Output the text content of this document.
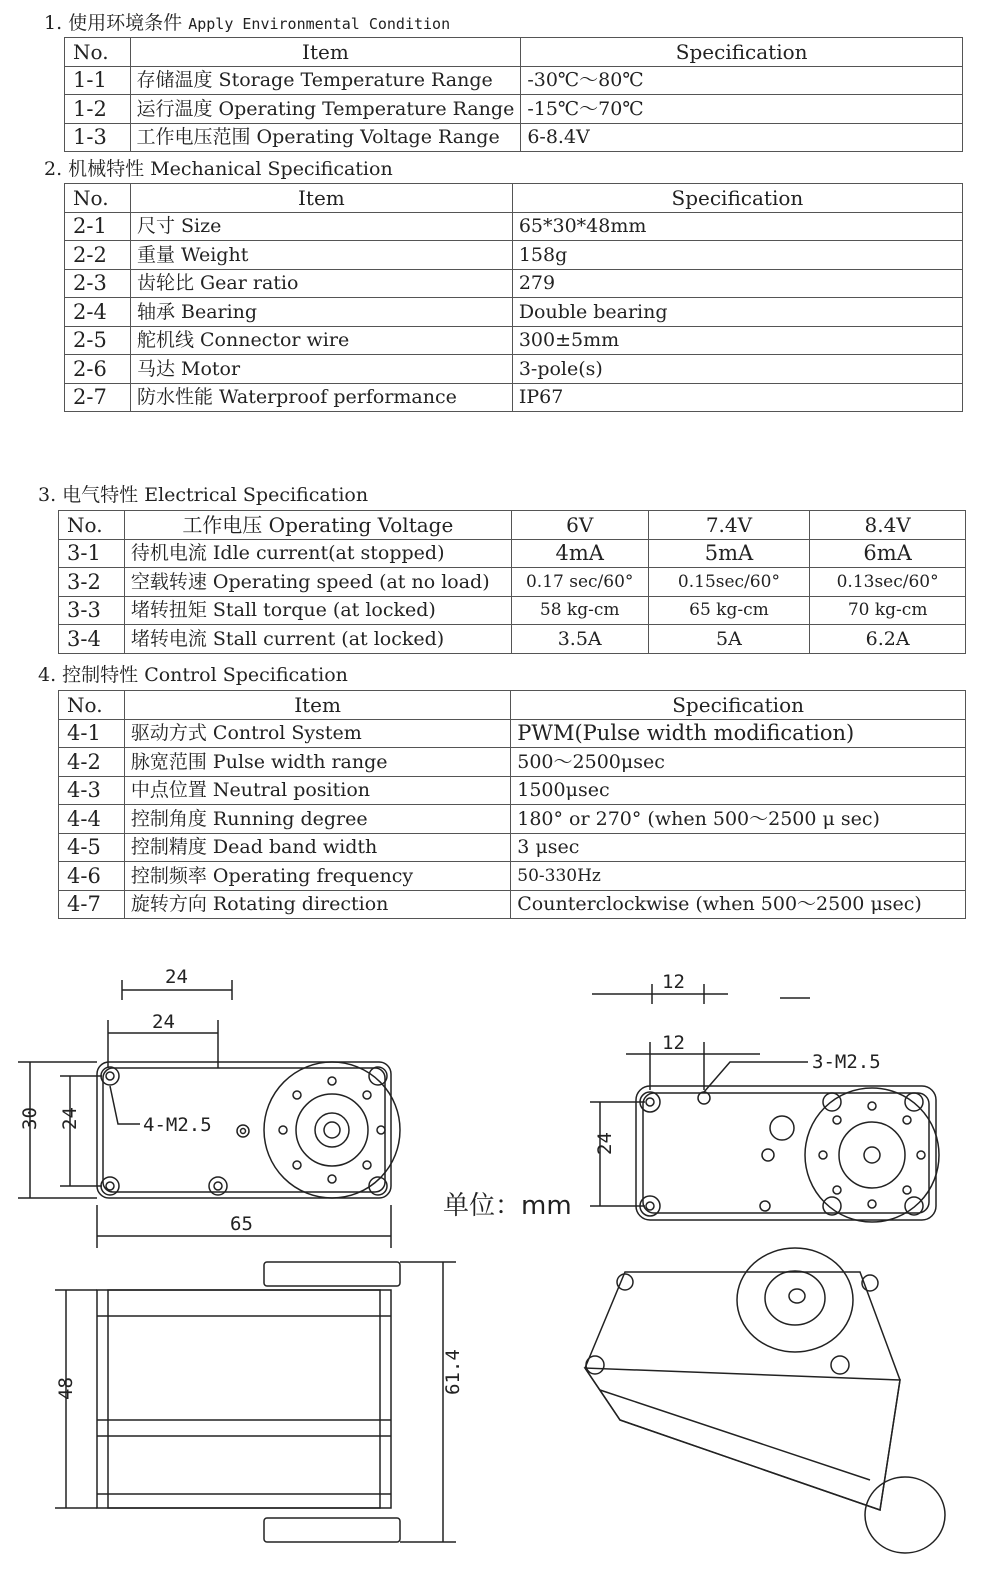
1. 使用环境条件 Apply Environmental Condition
No.	Item	Specification
1-1	存储温度 Storage Temperature Range	-30℃～80℃
1-2	运行温度 Operating Temperature Range	-15℃～70℃
1-3	工作电压范围 Operating Voltage Range	6-8.4V
2. 机械特性 Mechanical Specification
No.	Item	Specification
2-1	尺寸 Size	65*30*48mm
2-2	重量 Weight	158g
2-3	齿轮比 Gear ratio	279
2-4	轴承 Bearing	Double bearing
2-5	舵机线 Connector wire	300±5mm
2-6	马达 Motor	3-pole(s)
2-7	防水性能 Waterproof performance	IP67
3. 电气特性 Electrical Specification
No.	工作电压 Operating Voltage	6V	7.4V	8.4V
3-1	待机电流 Idle current(at stopped)	4mA	5mA	6mA
3-2	空载转速 Operating speed (at no load)	0.17 sec/60°	0.15sec/60°	0.13sec/60°
3-3	堵转扭矩 Stall torque (at locked)	58 kg-cm	65 kg-cm	70 kg-cm
3-4	堵转电流 Stall current (at locked)	3.5A	5A	6.2A
4. 控制特性 Control Specification
No.	Item	Specification
4-1	驱动方式 Control System	PWM(Pulse width modification)
4-2	脉宽范围 Pulse width range	500～2500μsec
4-3	中点位置 Neutral position	1500μsec
4-4	控制角度 Running degree	180° or 270° (when 500～2500 μ sec)
4-5	控制精度 Dead band width	3 μsec
4-6	控制频率 Operating frequency	50-330Hz
4-7	旋转方向 Rotating direction	Counterclockwise (when 500～2500 μsec)
单位：mm
24
24
30 24
65
4-M2.5
12
12
3-M2.5
24
48	61.4
